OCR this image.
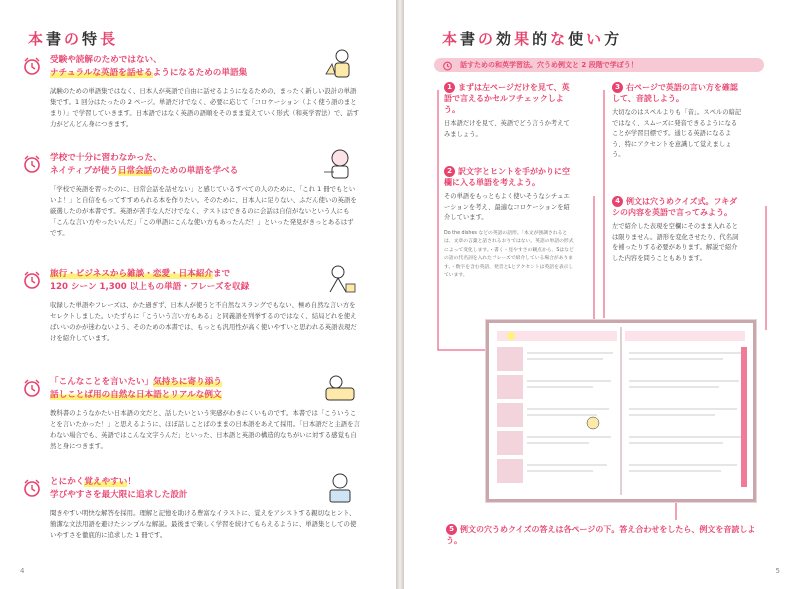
本書の特長
受験や読解のためではない、
ナチュラルな英語を話せるようになるための単語集
試験のための単語集ではなく、日本人が英語で自由に話せるようになるための、まったく新しい設計の単語集です。1 回分はたったの 2 ページ。単語だけでなく、必要に応じて「コロケーション（よく使う語のまとまり）」で学習していきます。日本語ではなく英語の語順をそのまま覚えていく形式（和英学習法）で、話す力がどんどん身につきます。
学校で十分に習わなかった、
ネイティブが使う日常会話のための単語を学べる
「学校で英語を習ったのに、日常会話を話せない」と感じているすべての人のために、「これ 1 冊でもといいよ！」と自信をもってすすめられる本を作りたい。そのために、日本人に足りない、ふだん使いの英語を厳選したのが本書です。英語が苦手な人だけでなく、テストはできるのに会話は自信がないという人にも「こんな言い方やったいんだ」「この単語にこんな使い方もあったんだ！」といった発見がきっとあるはずです。
旅行・ビジネスから雑談・恋愛・日本紹介まで
120 シーン 1,300 以上もの単語・フレーズを収録
収録した単語やフレーズは、かた過ぎず、日本人が使うと不自然なスラングでもない、極め自然な言い方をセレクトしました。いたずらに「こういう言い方もある」と同義語を列挙するのではなく、結局どれを使えばいいのかが迷わないよう、そのための本書では、もっとも汎用性が高く使いやすいと思われる英語表現だけを紹介しています。
「こんなことを言いたい」気持ちに寄り添う
話しことば用の自然な日本語とリアルな例文
教科書のようなかたい日本語の文だと、話したいという実感がわきにくいものです。本書では「こういうことを言いたかった！」と思えるように、ほぼ話しことばのままの日本語をあえて採用。「日本語だと主語を言わない場合でも、英語ではこんな文字うんだ」といった、日本語と英語の構造的なちがいに対する感覚も自然と身につきます。
とにかく覚えやすい！
学びやすさを最大限に追求した設計
聞きやすい明快な解答を採用。理解と記憶を助ける豊富なイラストに、覚えをアシストする親切なヒント、簡潔な文法用語を避けたシンプルな解説。最後まで楽しく学習を続けてもらえるように、単語集としての使いやすさを徹底的に追求した 1 冊です。
4
本書の効果的な使い方
話すための和英学習法。穴うめ例文と 2 段階で学ぼう！
1 まずは左ページだけを見て、英語で言えるかセルフチェックしよう。
日本語だけを見て、英語でどう言うか考えてみましょう。
2 訳文字とヒントを手がかりに空欄に入る単語を考えよう。
その単語をもっともよく使いそうなシチュエーションを考え、最適なコロケーションを紹介しています。
Do the dishes などの英語の語形。「本文が強調されるとは、文章の言葉と話されるおりではない。英語の単語の形式によって変化します。・書く・見やすさの観点から、Sはなどの語の代名詞を入れたフレーズで紹介している場合があります。・数字を含む英語、発音とLとアクセントは英語を表示しています。
3 右ページで英語の言い方を確認して、音読しよう。
大切なのはスペルよりも「音」。スペルの暗記ではなく、スムーズに発音できるようになることが学習目標です。通じる英語になるよう、特にアクセントを意識して覚えましょう。
4 例文は穴うめクイズ式。フキダシの内容を英語で言ってみよう。
左で紹介した表現を空欄にそのまま入れるとは限りません。語形を変化させたり、代名詞を補ったりする必要があります。解説で紹介した内容を問うこともあります。
5 例文の穴うめクイズの答えは各ページの下。答え合わせをしたら、例文を音読しよう。
5
